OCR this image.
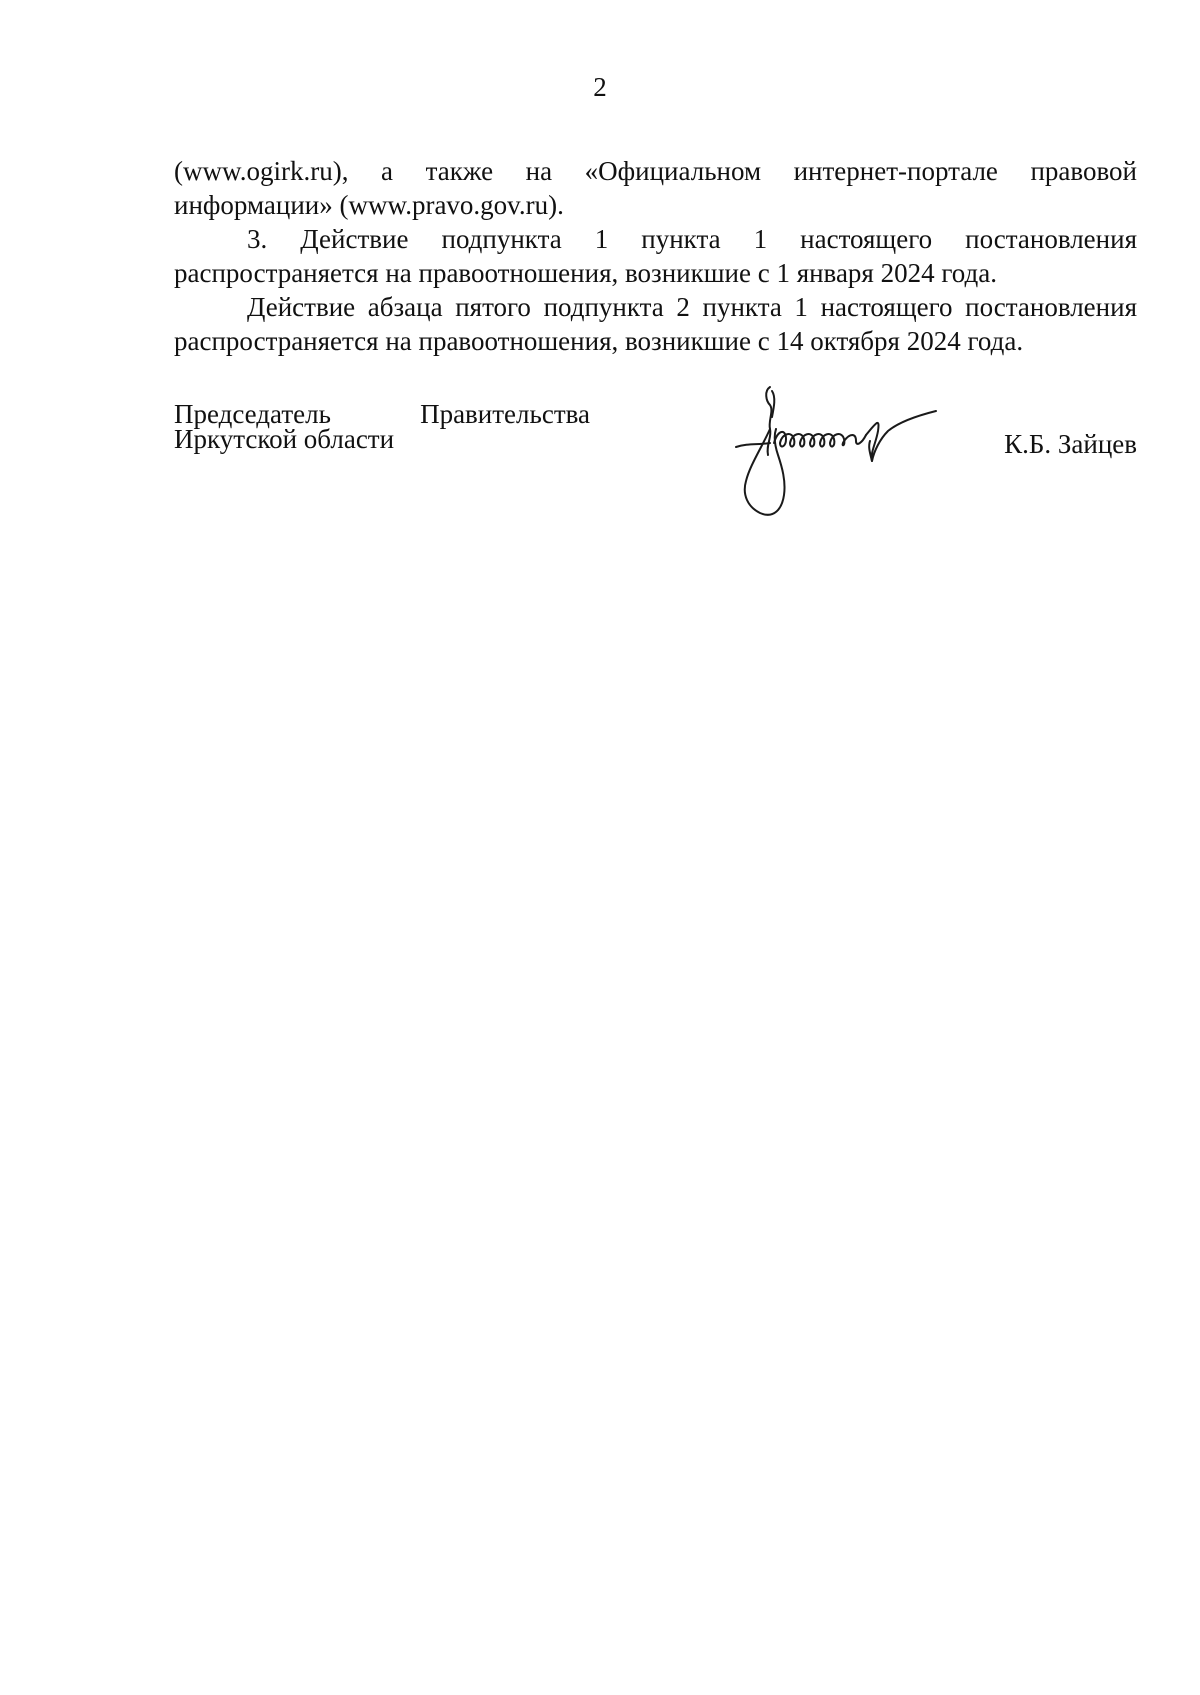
2

(www.ogirk.ru), а также на «Официальном интернет-портале правовой информации» (www.pravo.gov.ru).

3. Действие подпункта 1 пункта 1 настоящего постановления распространяется на правоотношения, возникшие с 1 января 2024 года.

Действие абзаца пятого подпункта 2 пункта 1 настоящего постановления распространяется на правоотношения, возникшие с 14 октября 2024 года.

Председатель	Правительства
Иркутской области	К.Б. Зайцев
